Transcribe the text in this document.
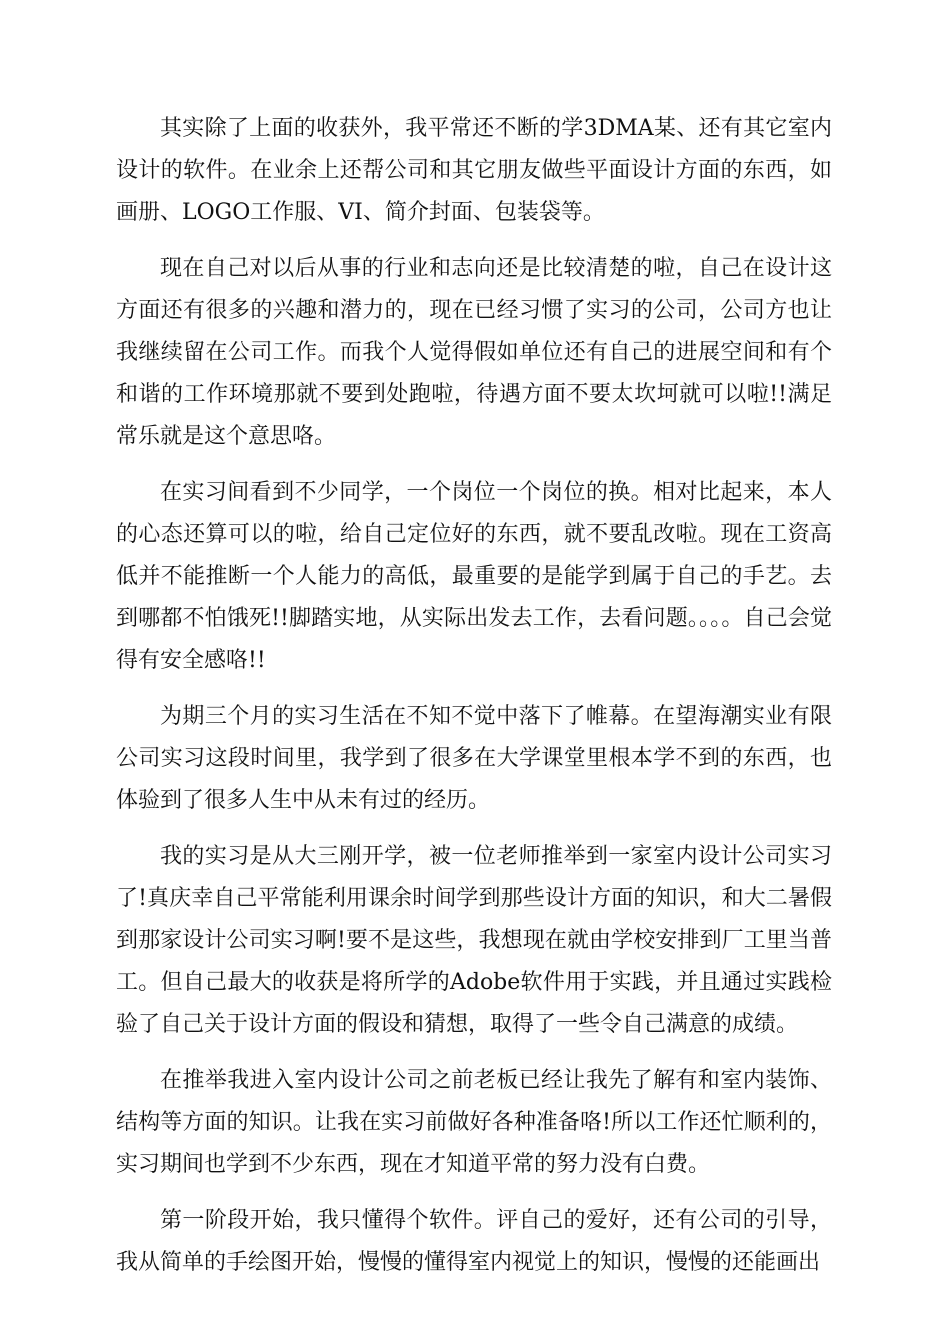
其实除了上面的收获外，我平常还不断的学3DMA某、还有其它室内设计的软件。在业余上还帮公司和其它朋友做些平面设计方面的东西，如画册、LOGO工作服、VI、简介封面、包装袋等。

现在自己对以后从事的行业和志向还是比较清楚的啦，自己在设计这方面还有很多的兴趣和潜力的，现在已经习惯了实习的公司，公司方也让我继续留在公司工作。而我个人觉得假如单位还有自己的进展空间和有个和谐的工作环境那就不要到处跑啦，待遇方面不要太坎坷就可以啦!!满足常乐就是这个意思咯。

在实习间看到不少同学，一个岗位一个岗位的换。相对比起来，本人的心态还算可以的啦，给自己定位好的东西，就不要乱改啦。现在工资高低并不能推断一个人能力的高低，最重要的是能学到属于自己的手艺。去到哪都不怕饿死!!脚踏实地，从实际出发去工作，去看问题。。。。自己会觉得有安全感咯!!

为期三个月的实习生活在不知不觉中落下了帷幕。在望海潮实业有限公司实习这段时间里，我学到了很多在大学课堂里根本学不到的东西，也体验到了很多人生中从未有过的经历。

我的实习是从大三刚开学，被一位老师推举到一家室内设计公司实习了!真庆幸自己平常能利用课余时间学到那些设计方面的知识，和大二暑假到那家设计公司实习啊!要不是这些，我想现在就由学校安排到厂工里当普工。但自己最大的收获是将所学的Adobe软件用于实践，并且通过实践检验了自己关于设计方面的假设和猜想，取得了一些令自己满意的成绩。

在推举我进入室内设计公司之前老板已经让我先了解有和室内装饰、结构等方面的知识。让我在实习前做好各种准备咯!所以工作还忙顺利的，实习期间也学到不少东西，现在才知道平常的努力没有白费。

第一阶段开始，我只懂得个软件。评自己的爱好，还有公司的引导，我从简单的手绘图开始，慢慢的懂得室内视觉上的知识，慢慢的还能画出
